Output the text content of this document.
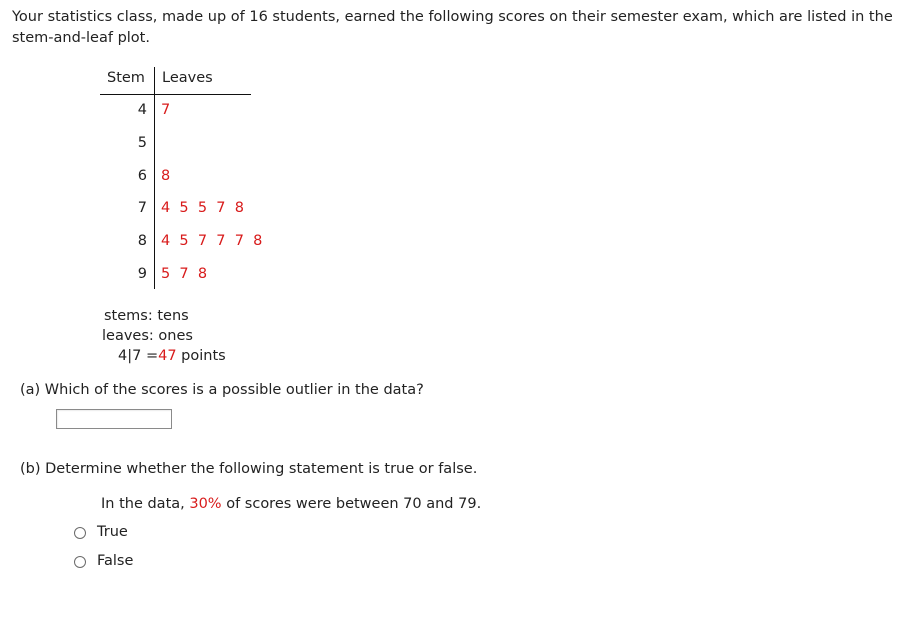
Your statistics class, made up of 16 students, earned the following scores on their semester exam, which are listed in the stem-and-leaf plot.
Stem Leaves
4 7
5
6 8
7 4 5 5 7 8
8 4 5 7 7 7 8
9 5 7 8
stems: tens
leaves: ones
4|7 =47 points
(a) Which of the scores is a possible outlier in the data?
(b) Determine whether the following statement is true or false.
In the data, 30% of scores were between 70 and 79.
True
False
